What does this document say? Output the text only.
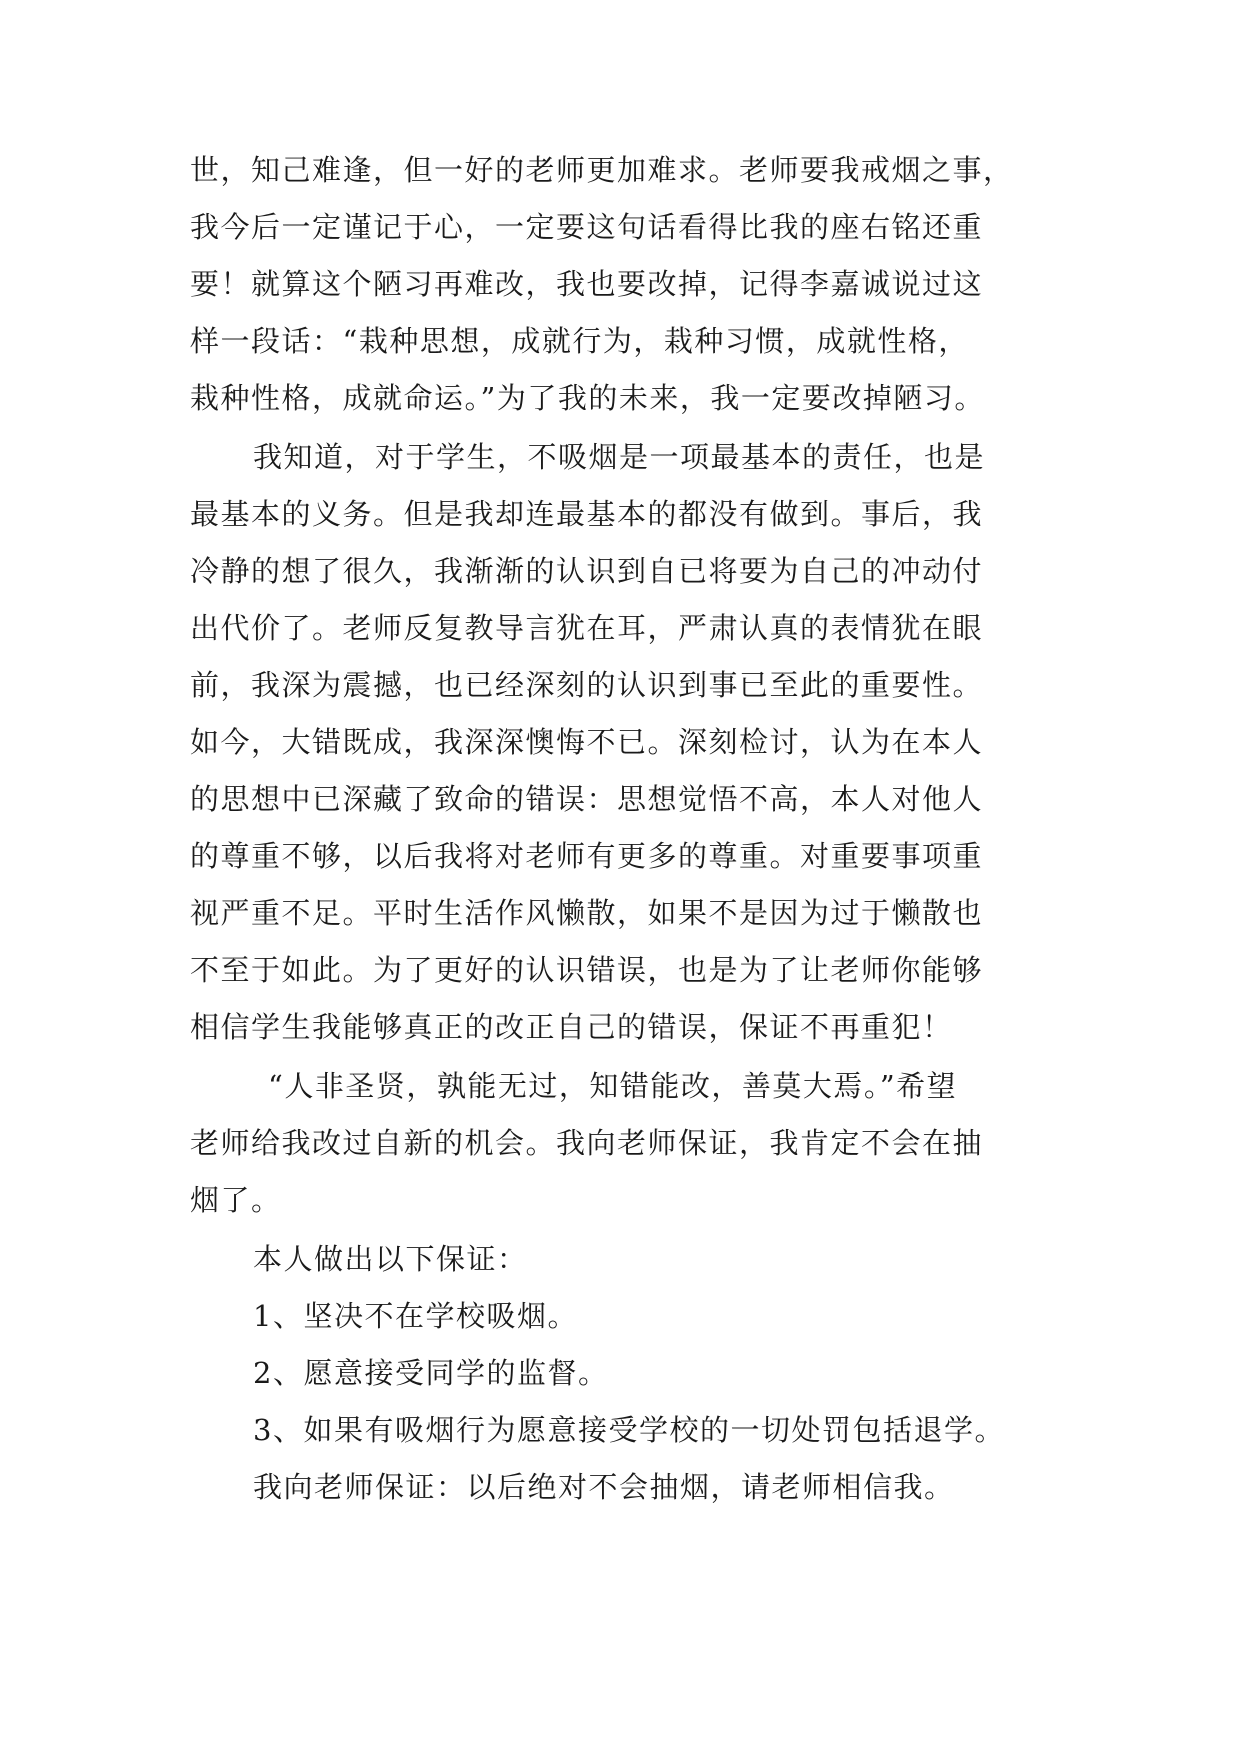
世，知己难逢，但一好的老师更加难求。老师要我戒烟之事，
我今后一定谨记于心，一定要这句话看得比我的座右铭还重
要！就算这个陋习再难改，我也要改掉，记得李嘉诚说过这
样一段话：“栽种思想，成就行为，栽种习惯，成就性格，
栽种性格，成就命运。”为了我的未来，我一定要改掉陋习。
我知道，对于学生，不吸烟是一项最基本的责任，也是
最基本的义务。但是我却连最基本的都没有做到。事后，我
冷静的想了很久，我渐渐的认识到自已将要为自己的冲动付
出代价了。老师反复教导言犹在耳，严肃认真的表情犹在眼
前，我深为震撼，也已经深刻的认识到事已至此的重要性。
如今，大错既成，我深深懊悔不已。深刻检讨，认为在本人
的思想中已深藏了致命的错误：思想觉悟不高，本人对他人
的尊重不够，以后我将对老师有更多的尊重。对重要事项重
视严重不足。平时生活作风懒散，如果不是因为过于懒散也
不至于如此。为了更好的认识错误，也是为了让老师你能够
相信学生我能够真正的改正自己的错误，保证不再重犯！
“人非圣贤，孰能无过，知错能改，善莫大焉。”希望
老师给我改过自新的机会。我向老师保证，我肯定不会在抽
烟了。
本人做出以下保证：
1、坚决不在学校吸烟。
2、愿意接受同学的监督。
3、如果有吸烟行为愿意接受学校的一切处罚包括退学。
我向老师保证：以后绝对不会抽烟，请老师相信我。
